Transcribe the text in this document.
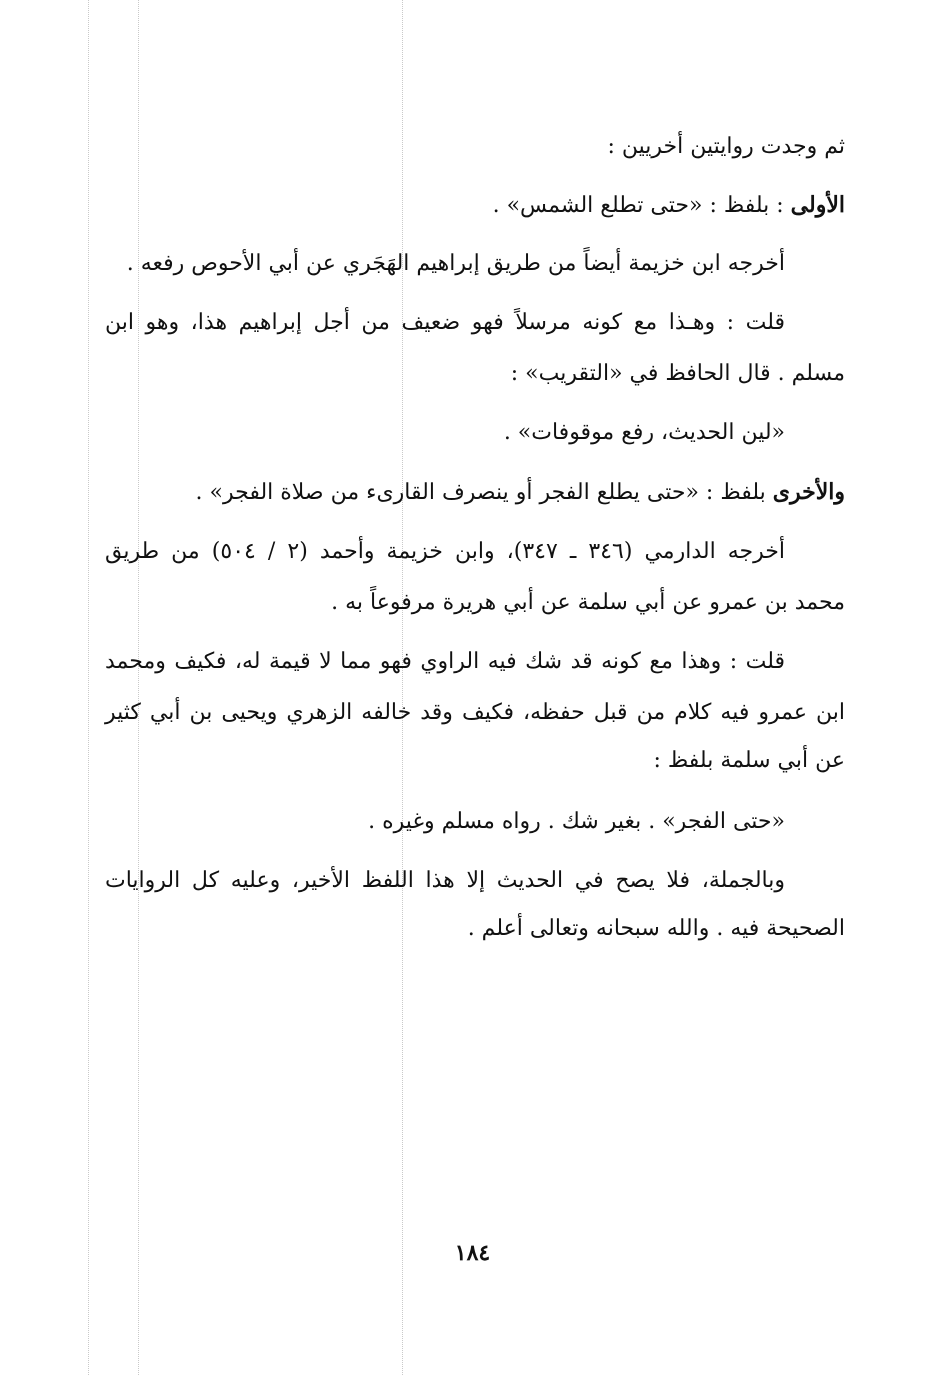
ثم وجدت روايتين أخريين :
الأولى : بلفظ : «حتى تطلع الشمس» .
أخرجه ابن خزيمة أيضاً من طريق إبراهيم الهَجَري عن أبي الأحوص رفعه .
قلت : وهـذا مع كونه مرسلاً فهو ضعيف من أجل إبراهيم هذا، وهو ابن
مسلم . قال الحافظ في «التقريب» :
«لين الحديث، رفع موقوفات» .
والأخرى بلفظ : «حتى يطلع الفجر أو ينصرف القارىء من صلاة الفجر» .
أخرجه الدارمي (٣٤٦ ـ ٣٤٧)، وابن خزيمة وأحمد (٢ / ٥٠٤) من طريق
محمد بن عمرو عن أبي سلمة عن أبي هريرة مرفوعاً به .
قلت : وهذا مع كونه قد شك فيه الراوي فهو مما لا قيمة له، فكيف ومحمد
ابن عمرو فيه كلام من قبل حفظه، فكيف وقد خالفه الزهري ويحيى بن أبي كثير
عن أبي سلمة بلفظ :
«حتى الفجر» . بغير شك . رواه مسلم وغيره .
وبالجملة، فلا يصح في الحديث إلا هذا اللفظ الأخير، وعليه كل الروايات
الصحيحة فيه . والله سبحانه وتعالى أعلم .
١٨٤
